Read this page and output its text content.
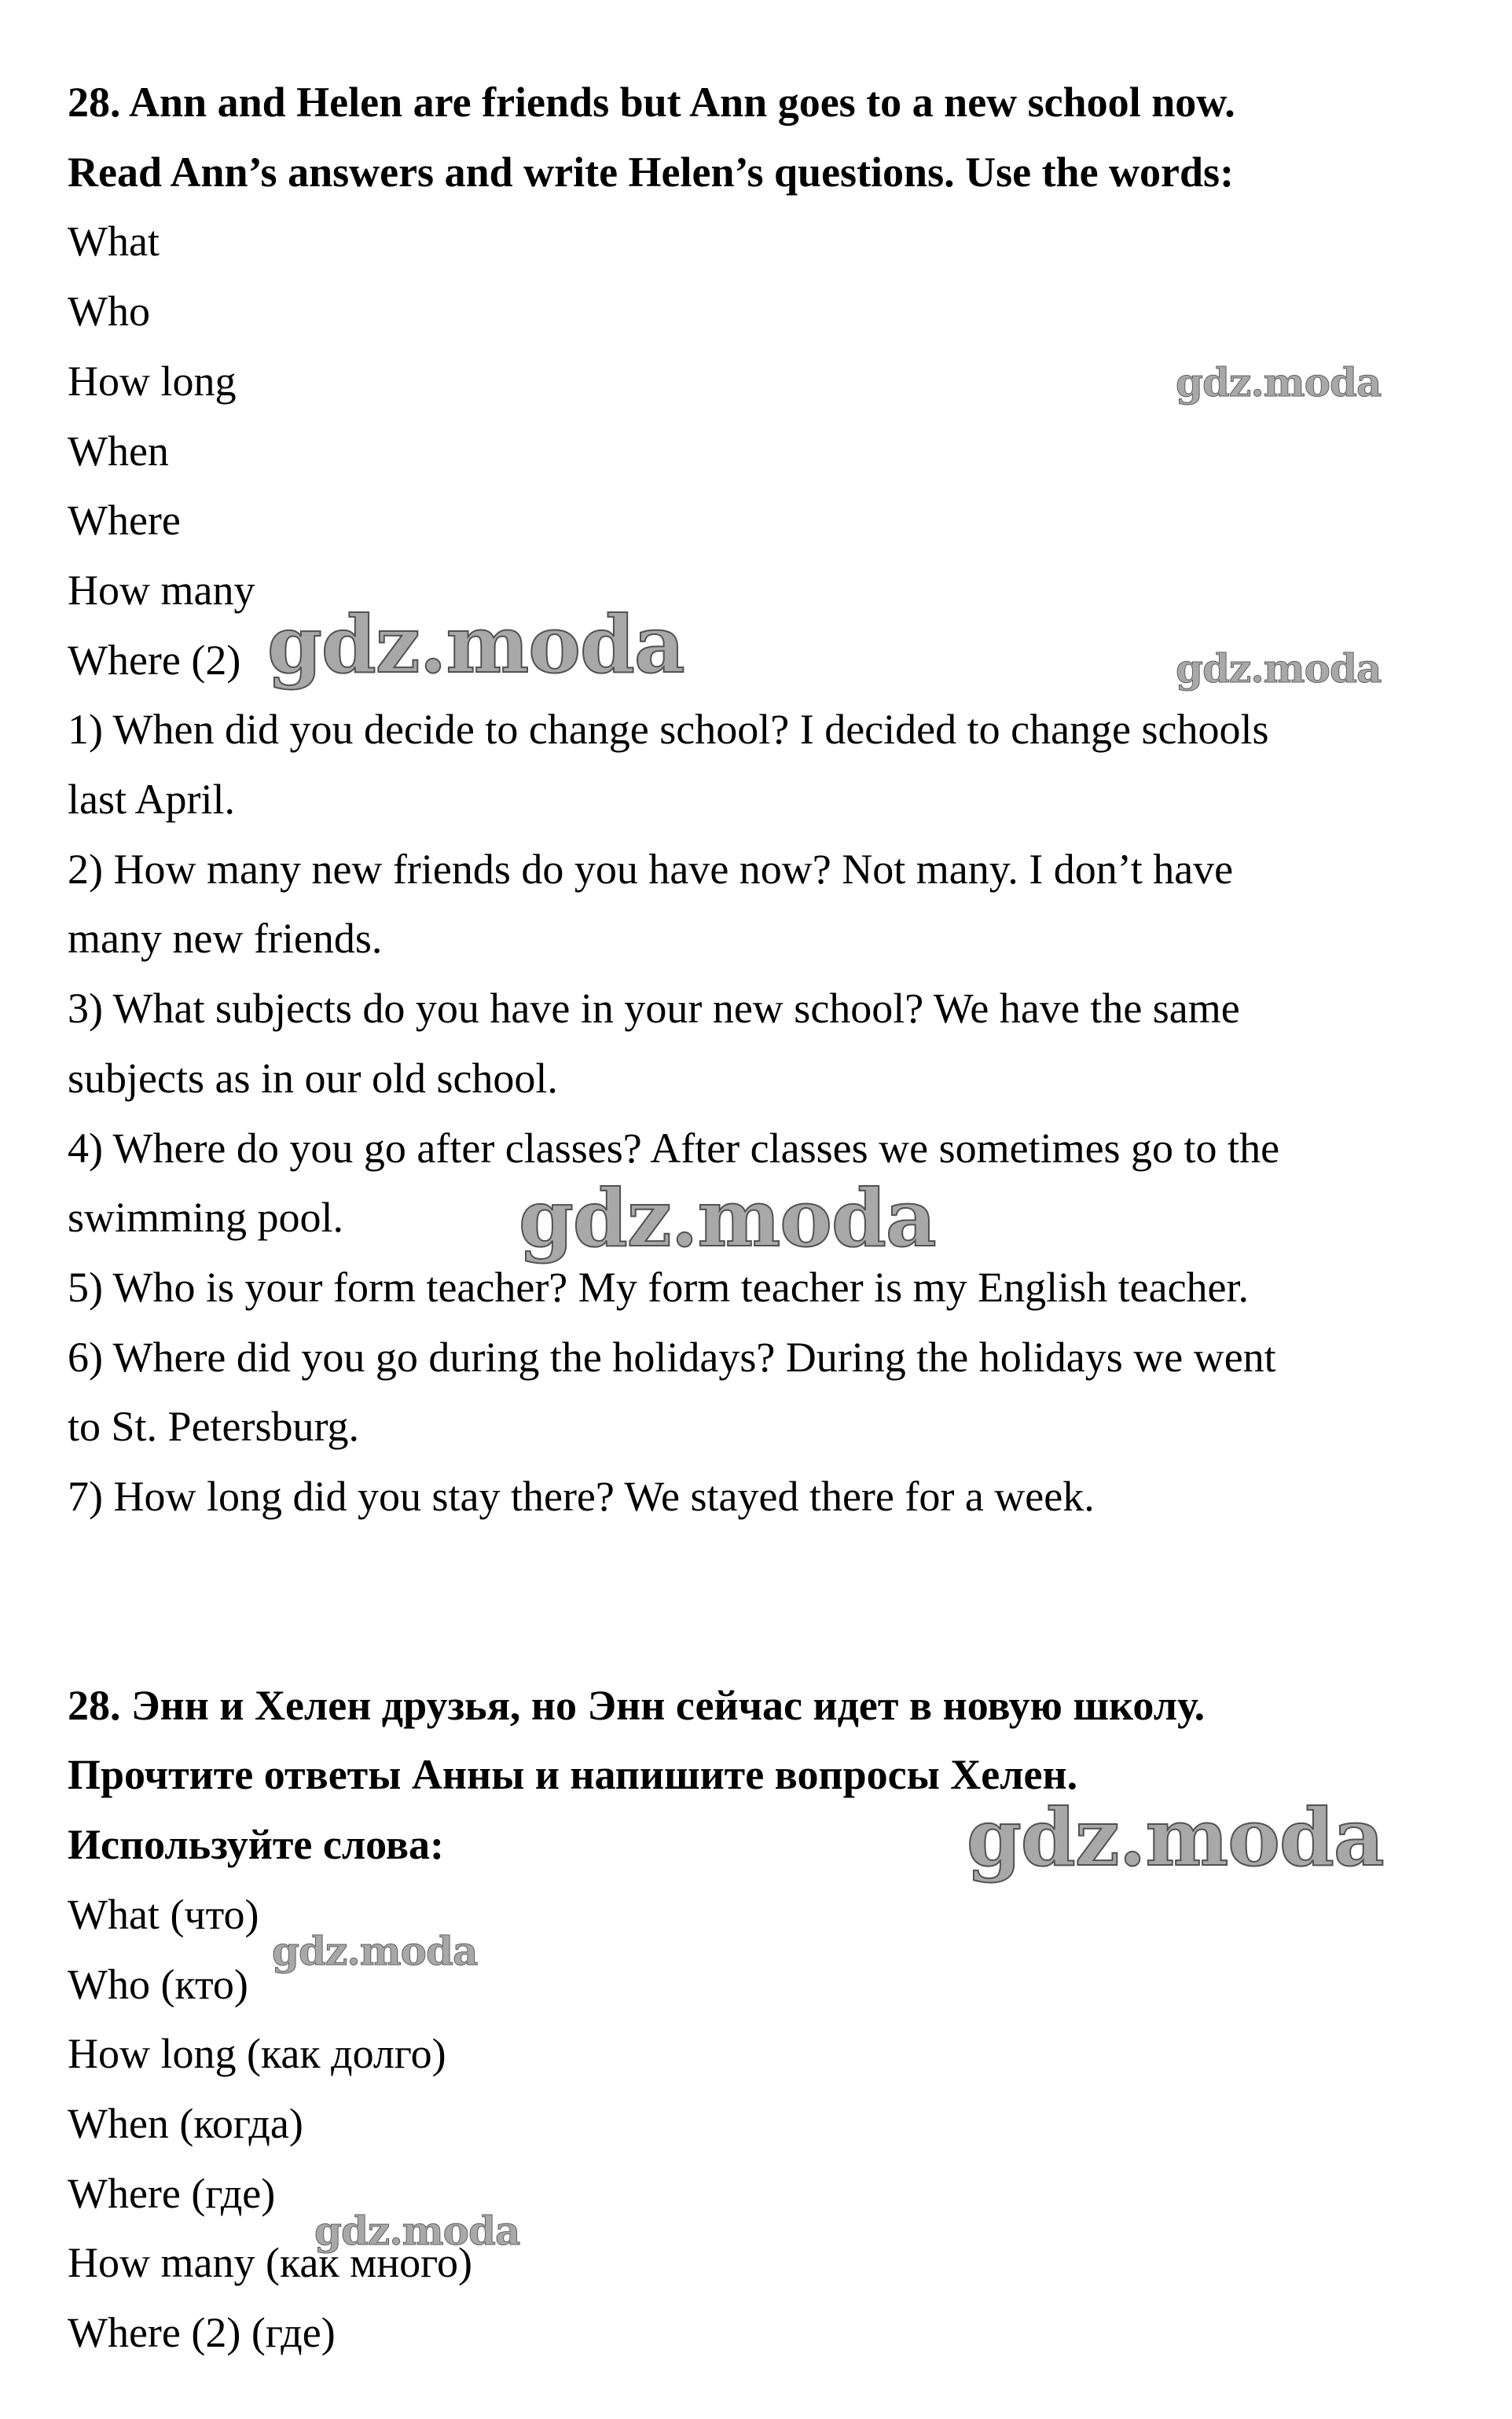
28. Ann and Helen are friends but Ann goes to a new school now.
Read Ann’s answers and write Helen’s questions. Use the words:
What
Who
How long
When
Where
How many
Where (2)
1) When did you decide to change school? I decided to change schools
last April.
2) How many new friends do you have now? Not many. I don’t have
many new friends.
3) What subjects do you have in your new school? We have the same
subjects as in our old school.
4) Where do you go after classes? After classes we sometimes go to the
swimming pool.
5) Who is your form teacher? My form teacher is my English teacher.
6) Where did you go during the holidays? During the holidays we went
to St. Petersburg.
7) How long did you stay there? We stayed there for a week.
28. Энн и Хелен друзья, но Энн сейчас идет в новую школу.
Прочтите ответы Анны и напишите вопросы Хелен.
Используйте слова:
What (что)
Who (кто)
How long (как долго)
When (когда)
Where (где)
How many (как много)
Where (2) (где)
gdz.moda
gdz.moda	gdz.moda
gdz.moda
gdz.moda
gdz.moda
gdz.moda
